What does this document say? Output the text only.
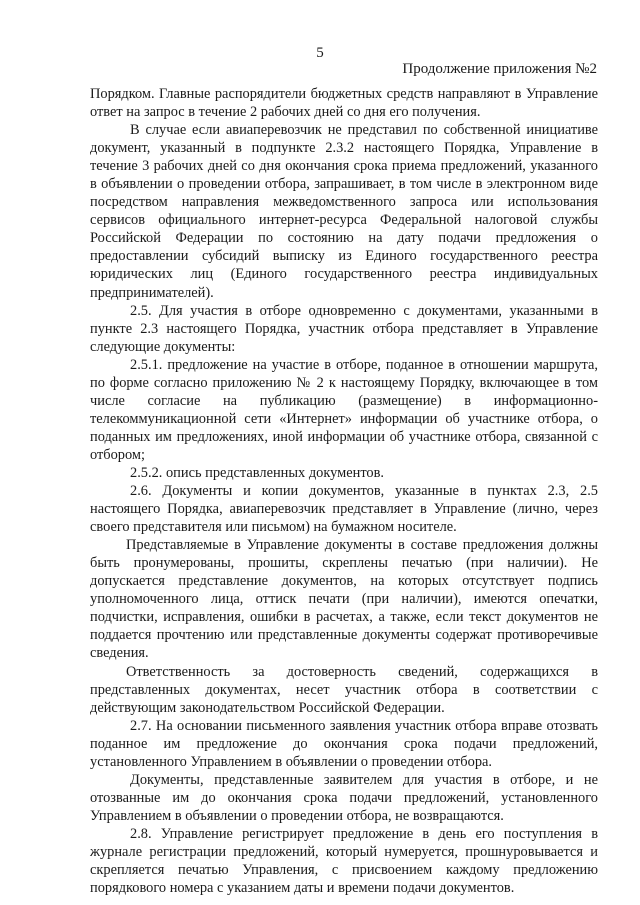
5
Продолжение приложения №2

Порядком. Главные распорядители бюджетных средств направляют в Управление ответ на запрос в течение 2 рабочих дней со дня его получения.

В случае если авиаперевозчик не представил по собственной инициативе документ, указанный в подпункте 2.3.2 настоящего Порядка, Управление в течение 3 рабочих дней со дня окончания срока приема предложений, указанного в объявлении о проведении отбора, запрашивает, в том числе в электронном виде посредством направления межведомственного запроса или использования сервисов официального интернет-ресурса Федеральной налоговой службы Российской Федерации по состоянию на дату подачи предложения о предоставлении субсидий выписку из Единого государственного реестра юридических лиц (Единого государственного реестра индивидуальных предпринимателей).

2.5. Для участия в отборе одновременно с документами, указанными в пункте 2.3 настоящего Порядка, участник отбора представляет в Управление следующие документы:

2.5.1. предложение на участие в отборе, поданное в отношении маршрута, по форме согласно приложению № 2 к настоящему Порядку, включающее в том числе согласие на публикацию (размещение) в информационно-телекоммуникационной сети «Интернет» информации об участнике отбора, о поданных им предложениях, иной информации об участнике отбора, связанной с отбором;

2.5.2. опись представленных документов.

2.6. Документы и копии документов, указанные в пунктах 2.3, 2.5 настоящего Порядка, авиаперевозчик представляет в Управление (лично, через своего представителя или письмом) на бумажном носителе.

Представляемые в Управление документы в составе предложения должны быть пронумерованы, прошиты, скреплены печатью (при наличии). Не допускается представление документов, на которых отсутствует подпись уполномоченного лица, оттиск печати (при наличии), имеются опечатки, подчистки, исправления, ошибки в расчетах, а также, если текст документов не поддается прочтению или представленные документы содержат противоречивые сведения.

Ответственность за достоверность сведений, содержащихся в представленных документах, несет участник отбора в соответствии с действующим законодательством Российской Федерации.

2.7. На основании письменного заявления участник отбора вправе отозвать поданное им предложение до окончания срока подачи предложений, установленного Управлением в объявлении о проведении отбора.

Документы, представленные заявителем для участия в отборе, и не отозванные им до окончания срока подачи предложений, установленного Управлением в объявлении о проведении отбора, не возвращаются.

2.8. Управление регистрирует предложение в день его поступления в журнале регистрации предложений, который нумеруется, прошнуровывается и скрепляется печатью Управления, с присвоением каждому предложению порядкового номера с указанием даты и времени подачи документов.
